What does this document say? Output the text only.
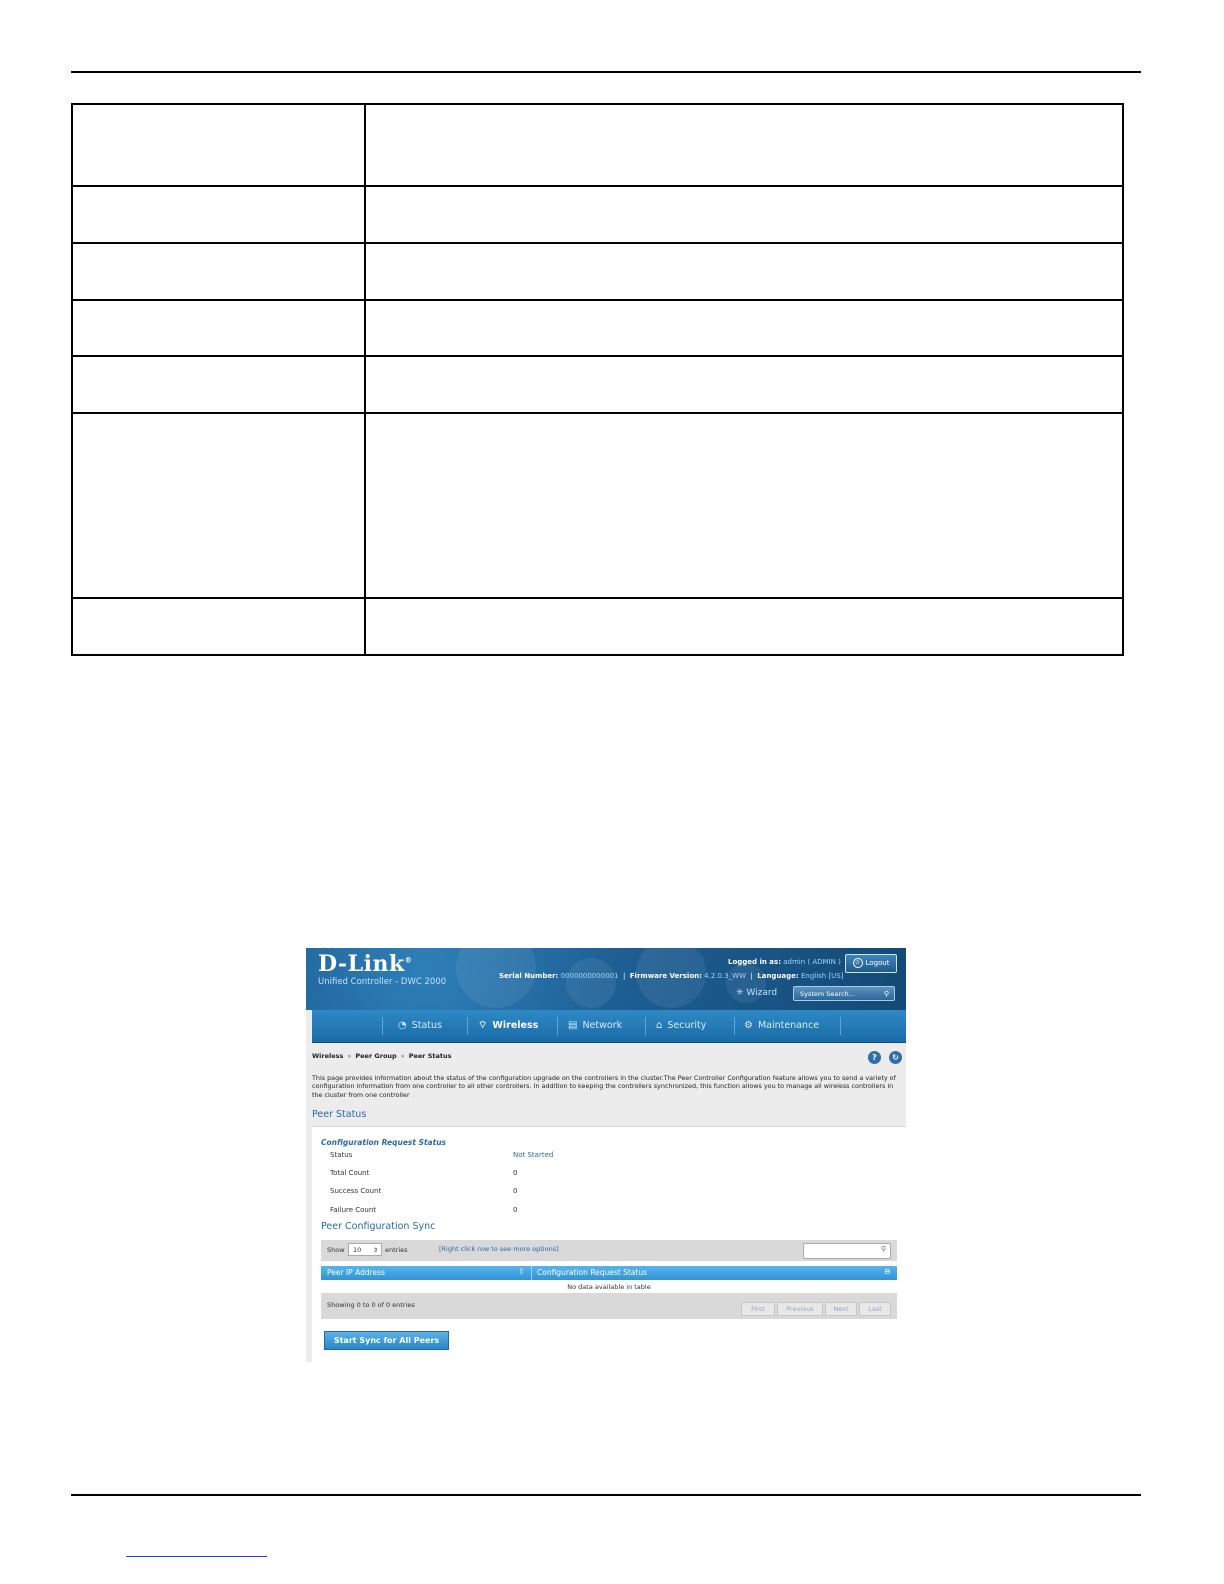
D-Link®
Unified Controller - DWC 2000
Logged in as: admin ( ADMIN )	⏻ Logout
Serial Number: 0000000000001  |  Firmware Version: 4.2.0.3_WW  |  Language: English [US]
✳ Wizard	System Search...	⚲
◔ Status	⌔ Wireless	▤ Network	⌂ Security	⚙ Maintenance
Wireless » Peer Group » Peer Status	?	↻
This page provides information about the status of the configuration upgrade on the controllers in the cluster.The Peer Controller Configuration feature allows you to send a variety of configuration information from one controller to all other controllers. In addition to keeping the controllers synchronized, this function allows you to manage all wireless controllers in the cluster from one controller
Peer Status
Configuration Request Status
Status	Not Started
Total Count	0
Success Count	0
Failure Count	0
Peer Configuration Sync
Show	10 ⇕ entries	[Right click row to see more options]	⚲
Peer IP Address	⇧ Configuration Request Status	⊖
No data available in table
Showing 0 to 0 of 0 entries	First	Previous	Next	Last
Start Sync for All Peers
